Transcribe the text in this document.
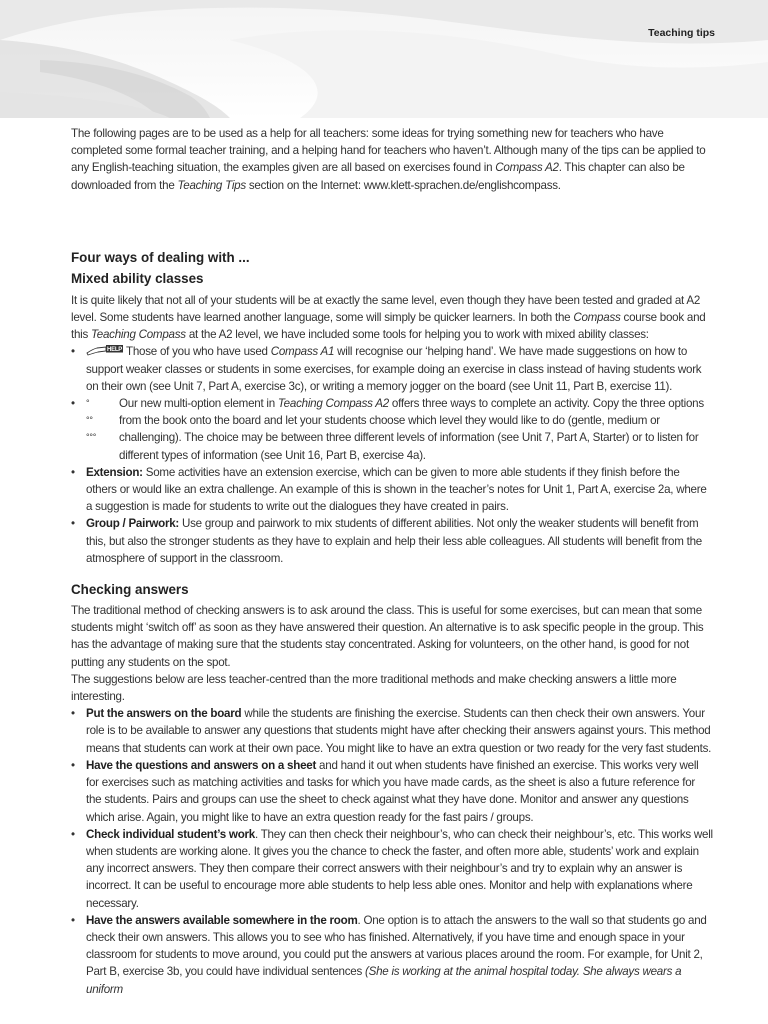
Teaching tips

The following pages are to be used as a help for all teachers: some ideas for trying something new for teachers who have completed some formal teacher training, and a helping hand for teachers who haven’t. Although many of the tips can be applied to any English-teaching situation, the examples given are all based on exercises found in Compass A2. This chapter can also be downloaded from the Teaching Tips section on the Internet: www.klett-sprachen.de/englishcompass.

Four ways of dealing with ...
Mixed ability classes

It is quite likely that not all of your students will be at exactly the same level, even though they have been tested and graded at A2 level. Some students have learned another language, some will simply be quicker learners. In both the Compass course book and this Teaching Compass at the A2 level, we have included some tools for helping you to work with mixed ability classes:

•	HELP Those of you who have used Compass A1 will recognise our ‘helping hand’. We have made suggestions on how to support weaker classes or students in some exercises, for example doing an exercise in class instead of having students work on their own (see Unit 7, Part A, exercise 3c), or writing a memory jogger on the board (see Unit 11, Part B, exercise 11).
• °
°°
°°°
Our new multi-option element in Teaching Compass A2 offers three ways to complete an activity. Copy the three options from the book onto the board and let your students choose which level they would like to do (gentle, medium or challenging). The choice may be between three different levels of information (see Unit 7, Part A, Starter) or to listen for different types of information (see Unit 16, Part B, exercise 4a).
• Extension: Some activities have an extension exercise, which can be given to more able students if they finish before the others or would like an extra challenge. An example of this is shown in the teacher’s notes for Unit 1, Part A, exercise 2a, where a suggestion is made for students to write out the dialogues they have created in pairs.
• Group / Pairwork: Use group and pairwork to mix students of different abilities. Not only the weaker students will benefit from this, but also the stronger students as they have to explain and help their less able colleagues. All students will benefit from the atmosphere of support in the classroom.
Checking answers

The traditional method of checking answers is to ask around the class. This is useful for some exercises, but can mean that some students might ‘switch off’ as soon as they have answered their question. An alternative is to ask specific people in the group. This has the advantage of making sure that the students stay concentrated. Asking for volunteers, on the other hand, is good for not putting any students on the spot.

The suggestions below are less teacher-centred than the more traditional methods and make checking answers a little more interesting.

• Put the answers on the board while the students are finishing the exercise. Students can then check their own answers. Your role is to be available to answer any questions that students might have after checking their answers against yours. This method means that students can work at their own pace. You might like to have an extra question or two ready for the very fast students.
• Have the questions and answers on a sheet and hand it out when students have finished an exercise. This works very well for exercises such as matching activities and tasks for which you have made cards, as the sheet is also a future reference for the students. Pairs and groups can use the sheet to check against what they have done. Monitor and answer any questions which arise. Again, you might like to have an extra question ready for the fast pairs / groups.
• Check individual student’s work. They can then check their neighbour’s, who can check their neighbour’s, etc. This works well when students are working alone. It gives you the chance to check the faster, and often more able, students’ work and explain any incorrect answers. They then compare their correct answers with their neighbour’s and try to explain why an answer is incorrect. It can be useful to encourage more able students to help less able ones. Monitor and help with explanations where necessary.
• Have the answers available somewhere in the room. One option is to attach the answers to the wall so that students go and check their own answers. This allows you to see who has finished. Alternatively, if you have time and enough space in your classroom for students to move around, you could put the answers at various places around the room. For example, for Unit 2, Part B, exercise 3b, you could have individual sentences (She is working at the animal hospital today. She always wears a uniform
